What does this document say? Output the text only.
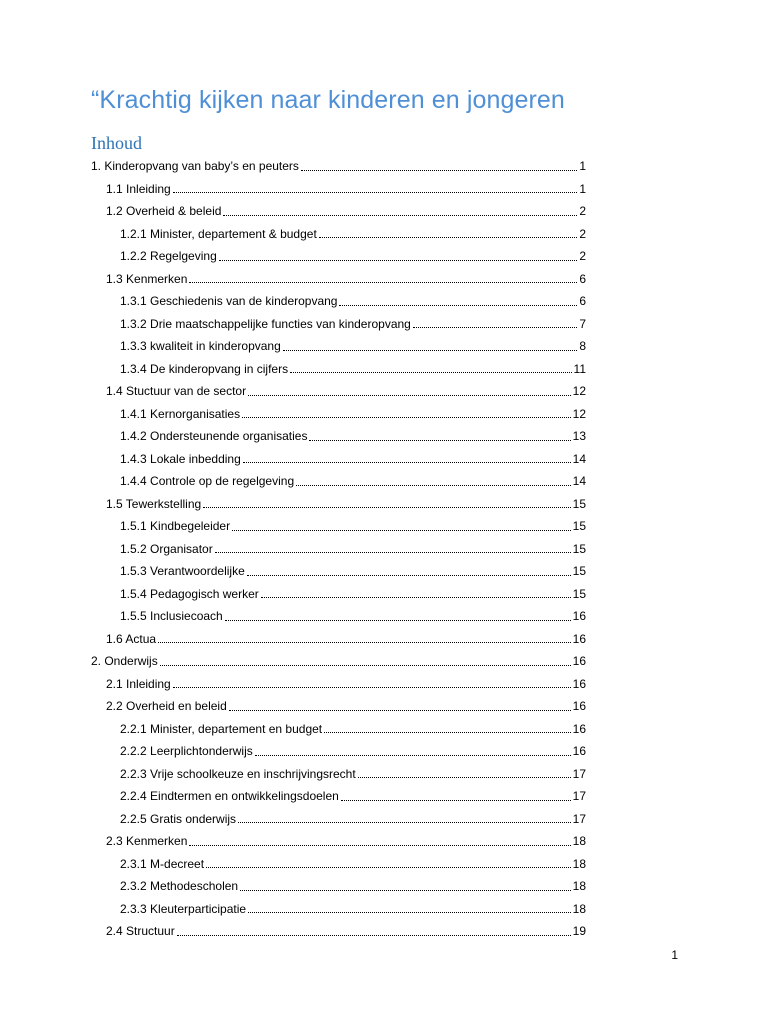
“Krachtig kijken naar kinderen en jongeren
Inhoud
1. Kinderopvang van baby’s en peuters	1
1.1 Inleiding	1
1.2 Overheid & beleid	2
1.2.1 Minister, departement & budget	2
1.2.2 Regelgeving	2
1.3 Kenmerken	6
1.3.1 Geschiedenis van de kinderopvang	6
1.3.2 Drie maatschappelijke functies van kinderopvang	7
1.3.3 kwaliteit in kinderopvang	8
1.3.4 De kinderopvang in cijfers	11
1.4 Stuctuur van de sector	12
1.4.1 Kernorganisaties	12
1.4.2 Ondersteunende organisaties	13
1.4.3 Lokale inbedding	14
1.4.4 Controle op de regelgeving	14
1.5 Tewerkstelling	15
1.5.1 Kindbegeleider	15
1.5.2 Organisator	15
1.5.3 Verantwoordelijke	15
1.5.4 Pedagogisch werker	15
1.5.5 Inclusiecoach	16
1.6 Actua	16
2. Onderwijs	16
2.1 Inleiding	16
2.2 Overheid en beleid	16
2.2.1 Minister, departement en budget	16
2.2.2 Leerplichtonderwijs	16
2.2.3 Vrije schoolkeuze en inschrijvingsrecht	17
2.2.4 Eindtermen en ontwikkelingsdoelen	17
2.2.5 Gratis onderwijs	17
2.3 Kenmerken	18
2.3.1 M-decreet	18
2.3.2 Methodescholen	18
2.3.3 Kleuterparticipatie	18
2.4 Structuur	19
1
